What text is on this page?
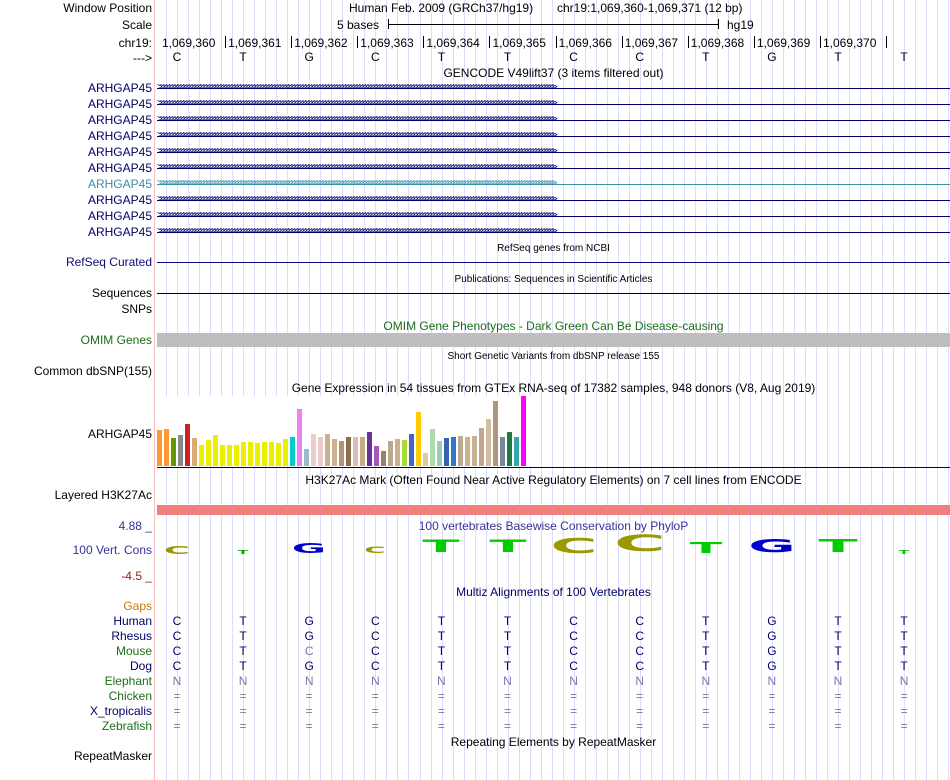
Window Position	Human Feb. 2009 (GRCh37/hg19) chr19:1,069,360-1,069,371 (12 bp)
Scale	5 bases	hg19
chr19: 1,069,360 1,069,361 1,069,362 1,069,363 1,069,364 1,069,365 1,069,366 1,069,367 1,069,368 1,069,369 1,069,370
--->	C	T	G	C	T	T	C	C	T	G	T	T
GENCODE V49lift37 (3 items filtered out)
ARHGAP45 >>>>>>>>>>>>>>>>>>>>>>>>>>>>>>>>>>>>>>>>>>>>>>>>>>>>>>>>>>>>>>>>>>>>>>>>>>>>>>>>>>>>>>>>>>>>>>>>>>>>>>>>>>>>>>>>>>>>>>>>>>>>>>>>>>>>>>>>>>>>
ARHGAP45 >>>>>>>>>>>>>>>>>>>>>>>>>>>>>>>>>>>>>>>>>>>>>>>>>>>>>>>>>>>>>>>>>>>>>>>>>>>>>>>>>>>>>>>>>>>>>>>>>>>>>>>>>>>>>>>>>>>>>>>>>>>>>>>>>>>>>>>>>>>>
ARHGAP45 >>>>>>>>>>>>>>>>>>>>>>>>>>>>>>>>>>>>>>>>>>>>>>>>>>>>>>>>>>>>>>>>>>>>>>>>>>>>>>>>>>>>>>>>>>>>>>>>>>>>>>>>>>>>>>>>>>>>>>>>>>>>>>>>>>>>>>>>>>>>
ARHGAP45 >>>>>>>>>>>>>>>>>>>>>>>>>>>>>>>>>>>>>>>>>>>>>>>>>>>>>>>>>>>>>>>>>>>>>>>>>>>>>>>>>>>>>>>>>>>>>>>>>>>>>>>>>>>>>>>>>>>>>>>>>>>>>>>>>>>>>>>>>>>>
ARHGAP45 >>>>>>>>>>>>>>>>>>>>>>>>>>>>>>>>>>>>>>>>>>>>>>>>>>>>>>>>>>>>>>>>>>>>>>>>>>>>>>>>>>>>>>>>>>>>>>>>>>>>>>>>>>>>>>>>>>>>>>>>>>>>>>>>>>>>>>>>>>>>
ARHGAP45 >>>>>>>>>>>>>>>>>>>>>>>>>>>>>>>>>>>>>>>>>>>>>>>>>>>>>>>>>>>>>>>>>>>>>>>>>>>>>>>>>>>>>>>>>>>>>>>>>>>>>>>>>>>>>>>>>>>>>>>>>>>>>>>>>>>>>>>>>>>>
ARHGAP45 >>>>>>>>>>>>>>>>>>>>>>>>>>>>>>>>>>>>>>>>>>>>>>>>>>>>>>>>>>>>>>>>>>>>>>>>>>>>>>>>>>>>>>>>>>>>>>>>>>>>>>>>>>>>>>>>>>>>>>>>>>>>>>>>>>>>>>>>>>>>
ARHGAP45 >>>>>>>>>>>>>>>>>>>>>>>>>>>>>>>>>>>>>>>>>>>>>>>>>>>>>>>>>>>>>>>>>>>>>>>>>>>>>>>>>>>>>>>>>>>>>>>>>>>>>>>>>>>>>>>>>>>>>>>>>>>>>>>>>>>>>>>>>>>>
ARHGAP45 >>>>>>>>>>>>>>>>>>>>>>>>>>>>>>>>>>>>>>>>>>>>>>>>>>>>>>>>>>>>>>>>>>>>>>>>>>>>>>>>>>>>>>>>>>>>>>>>>>>>>>>>>>>>>>>>>>>>>>>>>>>>>>>>>>>>>>>>>>>>
ARHGAP45 >>>>>>>>>>>>>>>>>>>>>>>>>>>>>>>>>>>>>>>>>>>>>>>>>>>>>>>>>>>>>>>>>>>>>>>>>>>>>>>>>>>>>>>>>>>>>>>>>>>>>>>>>>>>>>>>>>>>>>>>>>>>>>>>>>>>>>>>>>>>
RefSeq genes from NCBI
RefSeq Curated
Publications: Sequences in Scientific Articles
Sequences
SNPs
OMIM Gene Phenotypes - Dark Green Can Be Disease-causing
OMIM Genes
Short Genetic Variants from dbSNP release 155
Common dbSNP(155)
Gene Expression in 54 tissues from GTEx RNA-seq of 17382 samples, 948 donors (V8, Aug 2019)
ARHGAP45
H3K27Ac Mark (Often Found Near Active Regulatory Elements) on 7 cell lines from ENCODE
Layered H3K27Ac
100 vertebrates Basewise Conservation by PhyloP
4.88 _
100 Vert. Cons
-4.5 _
C	T	G	C	T	T	C C	T	G	T	T
Multiz Alignments of 100 Vertebrates
Gaps
Human	C	T	G	C	T	T	C	C	T	G	T	T
Rhesus	C	T	G	C	T	T	C	C	T	G	T	T
Mouse	C	T	C	C	T	T	C	C	T	G	T	T
Dog	C	T	G	C	T	T	C	C	T	G	T	T
Elephant	N	N	N	N	N	N	N	N	N	N	N	N
Chicken	=	=	=	=	=	=	=	=	=	=	=	=
X_tropicalis	=	=	=	=	=	=	=	=	=	=	=	=
Zebrafish	=	=	=	=	=	=	=	=	=	=	=	=
Repeating Elements by RepeatMasker
RepeatMasker
